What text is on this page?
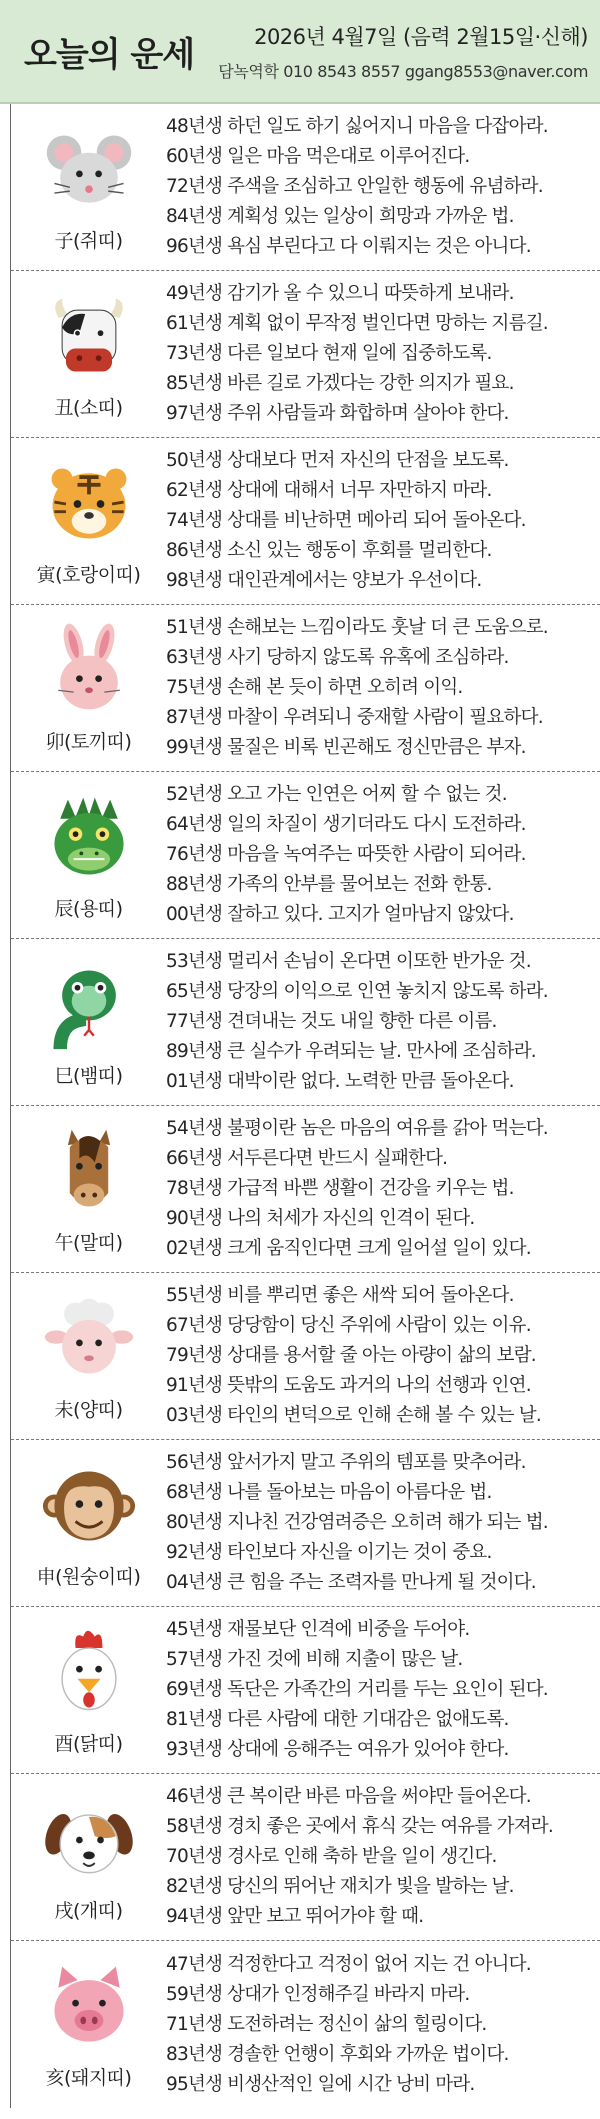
오늘의 운세	2026년 4월7일 (음력 2월15일·신해)
담녹역학 010 8543 8557 ggang8553@naver.com
子(쥐띠)
48년생 하던 일도 하기 싫어지니 마음을 다잡아라.
60년생 일은 마음 먹은대로 이루어진다.
72년생 주색을 조심하고 안일한 행동에 유념하라.
84년생 계획성 있는 일상이 희망과 가까운 법.
96년생 욕심 부린다고 다 이뤄지는 것은 아니다.
丑(소띠)
49년생 감기가 올 수 있으니 따뜻하게 보내라.
61년생 계획 없이 무작정 벌인다면 망하는 지름길.
73년생 다른 일보다 현재 일에 집중하도록.
85년생 바른 길로 가겠다는 강한 의지가 필요.
97년생 주위 사람들과 화합하며 살아야 한다.
寅(호랑이띠)
50년생 상대보다 먼저 자신의 단점을 보도록.
62년생 상대에 대해서 너무 자만하지 마라.
74년생 상대를 비난하면 메아리 되어 돌아온다.
86년생 소신 있는 행동이 후회를 멀리한다.
98년생 대인관계에서는 양보가 우선이다.
卯(토끼띠)
51년생 손해보는 느낌이라도 훗날 더 큰 도움으로.
63년생 사기 당하지 않도록 유혹에 조심하라.
75년생 손해 본 듯이 하면 오히려 이익.
87년생 마찰이 우려되니 중재할 사람이 필요하다.
99년생 물질은 비록 빈곤해도 정신만큼은 부자.
辰(용띠)
52년생 오고 가는 인연은 어찌 할 수 없는 것.
64년생 일의 차질이 생기더라도 다시 도전하라.
76년생 마음을 녹여주는 따뜻한 사람이 되어라.
88년생 가족의 안부를 물어보는 전화 한통.
00년생 잘하고 있다. 고지가 얼마남지 않았다.
巳(뱀띠)
53년생 멀리서 손님이 온다면 이또한 반가운 것.
65년생 당장의 이익으로 인연 놓치지 않도록 하라.
77년생 견뎌내는 것도 내일 향한 다른 이름.
89년생 큰 실수가 우려되는 날. 만사에 조심하라.
01년생 대박이란 없다. 노력한 만큼 돌아온다.
午(말띠)
54년생 불평이란 놈은 마음의 여유를 갉아 먹는다.
66년생 서두른다면 반드시 실패한다.
78년생 가급적 바쁜 생활이 건강을 키우는 법.
90년생 나의 처세가 자신의 인격이 된다.
02년생 크게 움직인다면 크게 일어설 일이 있다.
未(양띠)
55년생 비를 뿌리면 좋은 새싹 되어 돌아온다.
67년생 당당함이 당신 주위에 사람이 있는 이유.
79년생 상대를 용서할 줄 아는 아량이 삶의 보람.
91년생 뜻밖의 도움도 과거의 나의 선행과 인연.
03년생 타인의 변덕으로 인해 손해 볼 수 있는 날.
申(원숭이띠)
56년생 앞서가지 말고 주위의 템포를 맞추어라.
68년생 나를 돌아보는 마음이 아름다운 법.
80년생 지나친 건강염려증은 오히려 해가 되는 법.
92년생 타인보다 자신을 이기는 것이 중요.
04년생 큰 힘을 주는 조력자를 만나게 될 것이다.
酉(닭띠)
45년생 재물보단 인격에 비중을 두어야.
57년생 가진 것에 비해 지출이 많은 날.
69년생 독단은 가족간의 거리를 두는 요인이 된다.
81년생 다른 사람에 대한 기대감은 없애도록.
93년생 상대에 응해주는 여유가 있어야 한다.
戌(개띠)
46년생 큰 복이란 바른 마음을 써야만 들어온다.
58년생 경치 좋은 곳에서 휴식 갖는 여유를 가져라.
70년생 경사로 인해 축하 받을 일이 생긴다.
82년생 당신의 뛰어난 재치가 빛을 발하는 날.
94년생 앞만 보고 뛰어가야 할 때.
亥(돼지띠)
47년생 걱정한다고 걱정이 없어 지는 건 아니다.
59년생 상대가 인정해주길 바라지 마라.
71년생 도전하려는 정신이 삶의 힐링이다.
83년생 경솔한 언행이 후회와 가까운 법이다.
95년생 비생산적인 일에 시간 낭비 마라.
